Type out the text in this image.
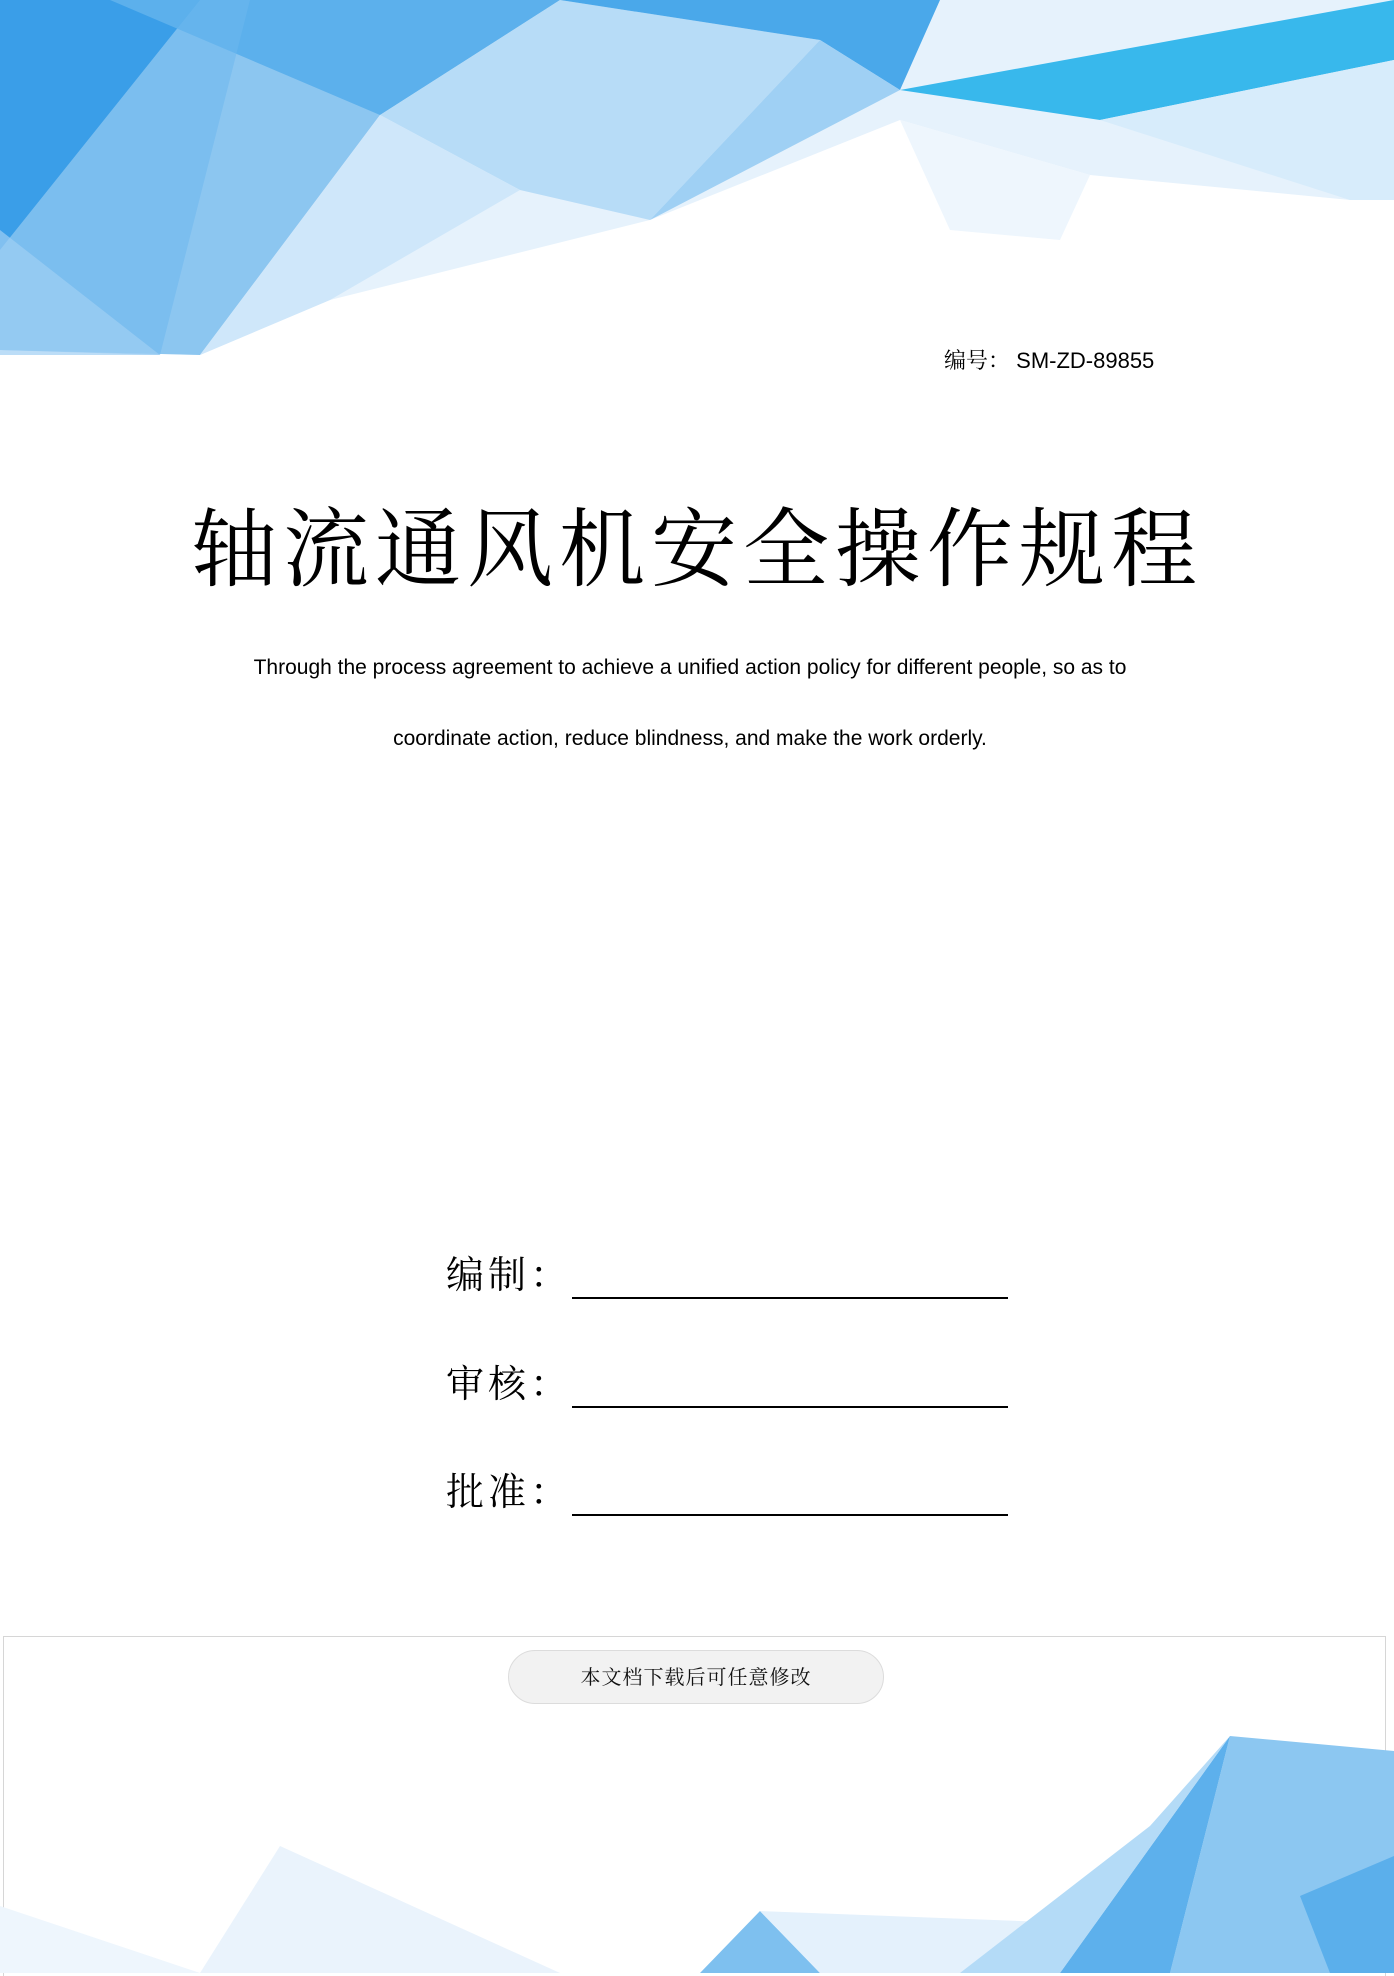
编号： SM-ZD-89855
轴流通风机安全操作规程
Through the process agreement to achieve a unified action policy for different people, so as to
coordinate action, reduce blindness, and make the work orderly.
编制：
审核：
批准：
本文档下载后可任意修改
